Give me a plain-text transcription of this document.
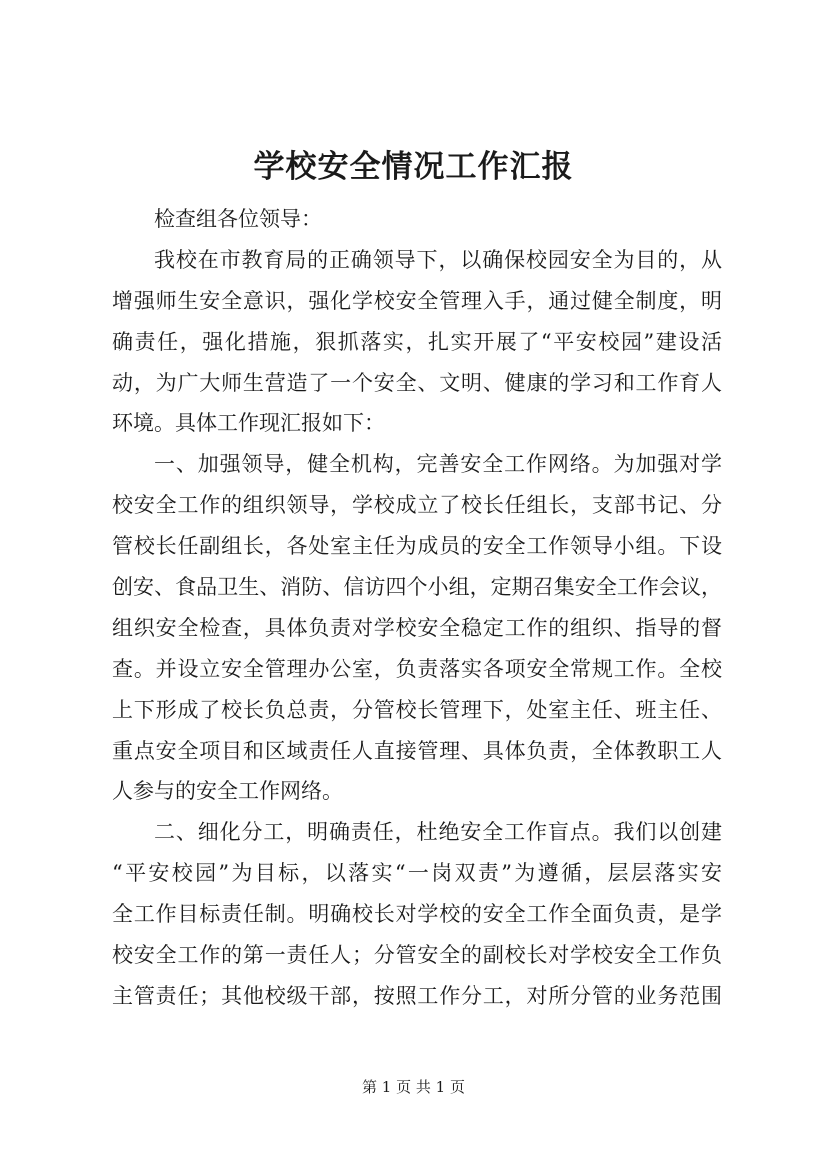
学校安全情况工作汇报
检查组各位领导：
我校在市教育局的正确领导下，以确保校园安全为目的，从
增强师生安全意识，强化学校安全管理入手，通过健全制度，明
确责任，强化措施，狠抓落实，扎实开展了“平安校园”建设活
动，为广大师生营造了一个安全、文明、健康的学习和工作育人
环境。具体工作现汇报如下：
一、加强领导，健全机构，完善安全工作网络。为加强对学
校安全工作的组织领导，学校成立了校长任组长，支部书记、分
管校长任副组长，各处室主任为成员的安全工作领导小组。下设
创安、食品卫生、消防、信访四个小组，定期召集安全工作会议，
组织安全检查，具体负责对学校安全稳定工作的组织、指导的督
查。并设立安全管理办公室，负责落实各项安全常规工作。全校
上下形成了校长负总责，分管校长管理下，处室主任、班主任、
重点安全项目和区域责任人直接管理、具体负责，全体教职工人
人参与的安全工作网络。
二、细化分工，明确责任，杜绝安全工作盲点。我们以创建
“平安校园”为目标，以落实“一岗双责”为遵循，层层落实安
全工作目标责任制。明确校长对学校的安全工作全面负责，是学
校安全工作的第一责任人；分管安全的副校长对学校安全工作负
主管责任；其他校级干部，按照工作分工，对所分管的业务范围

第 1 页 共 1 页
